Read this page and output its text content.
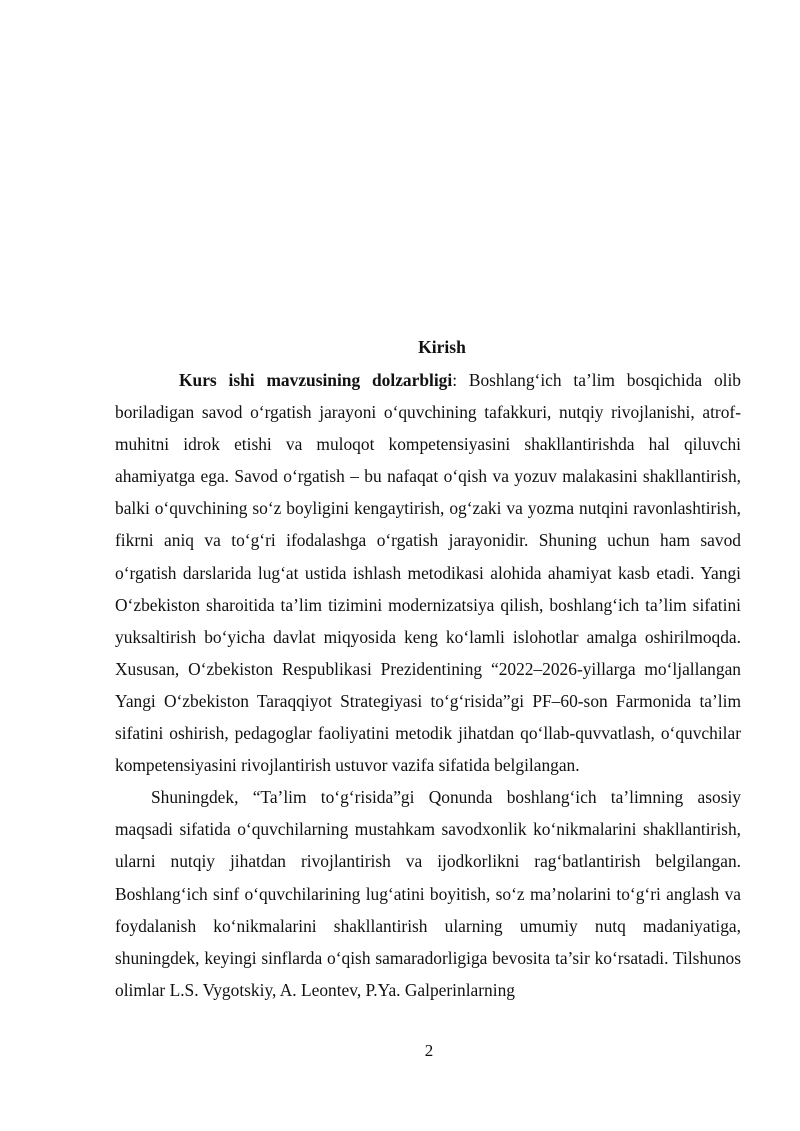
Kirish

Kurs ishi mavzusining dolzarbligi: Boshlang‘ich ta’lim bosqichida olib boriladigan savod o‘rgatish jarayoni o‘quvchining tafakkuri, nutqiy rivojlanishi, atrof-muhitni idrok etishi va muloqot kompetensiyasini shakllantirishda hal qiluvchi ahamiyatga ega. Savod o‘rgatish – bu nafaqat o‘qish va yozuv malakasini shakllantirish, balki o‘quvchining so‘z boyligini kengaytirish, og‘zaki va yozma nutqini ravonlashtirish, fikrni aniq va to‘g‘ri ifodalashga o‘rgatish jarayonidir. Shuning uchun ham savod o‘rgatish darslarida lug‘at ustida ishlash metodikasi alohida ahamiyat kasb etadi. Yangi O‘zbekiston sharoitida ta’lim tizimini modernizatsiya qilish, boshlang‘ich ta’lim sifatini yuksaltirish bo‘yicha davlat miqyosida keng ko‘lamli islohotlar amalga oshirilmoqda. Xususan, O‘zbekiston Respublikasi Prezidentining “2022–2026-yillarga mo‘ljallangan Yangi O‘zbekiston Taraqqiyot Strategiyasi to‘g‘risida”gi PF–60-son Farmonida ta’lim sifatini oshirish, pedagoglar faoliyatini metodik jihatdan qo‘llab-quvvatlash, o‘quvchilar kompetensiyasini rivojlantirish ustuvor vazifa sifatida belgilangan.

Shuningdek, “Ta’lim to‘g‘risida”gi Qonunda boshlang‘ich ta’limning asosiy maqsadi sifatida o‘quvchilarning mustahkam savodxonlik ko‘nikmalarini shakllantirish, ularni nutqiy jihatdan rivojlantirish va ijodkorlikni rag‘batlantirish belgilangan. Boshlang‘ich sinf o‘quvchilarining lug‘atini boyitish, so‘z ma’nolarini to‘g‘ri anglash va foydalanish ko‘nikmalarini shakllantirish ularning umumiy nutq madaniyatiga, shuningdek, keyingi sinflarda o‘qish samaradorligiga bevosita ta’sir ko‘rsatadi. Tilshunos olimlar L.S. Vygotskiy, A. Leontev, P.Ya. Galperinlarning

2
